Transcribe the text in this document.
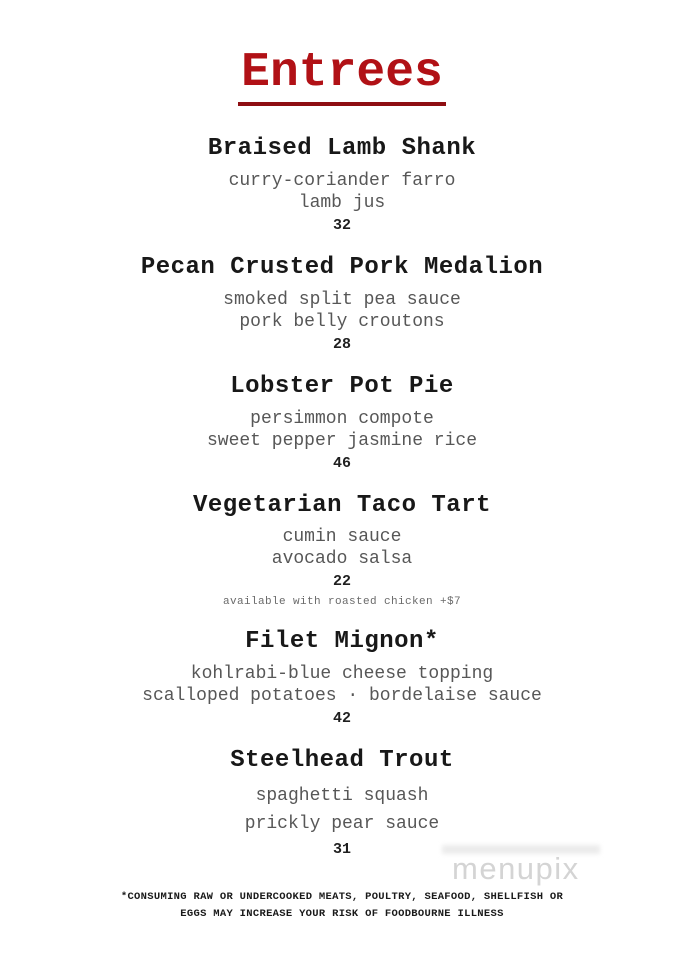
Entrees
Braised Lamb Shank

curry-coriander farro

lamb jus

32

Pecan Crusted Pork Medalion

smoked split pea sauce

pork belly croutons

28

Lobster Pot Pie

persimmon compote

sweet pepper jasmine rice

46

Vegetarian Taco Tart

cumin sauce

avocado salsa

22

available with roasted chicken +$7

Filet Mignon*

kohlrabi-blue cheese topping

scalloped potatoes · bordelaise sauce

42

Steelhead Trout

spaghetti squash

prickly pear sauce

31

*CONSUMING RAW OR UNDERCOOKED MEATS, POULTRY, SEAFOOD, SHELLFISH OR

EGGS MAY INCREASE YOUR RISK OF FOODBOURNE ILLNESS

menupix
